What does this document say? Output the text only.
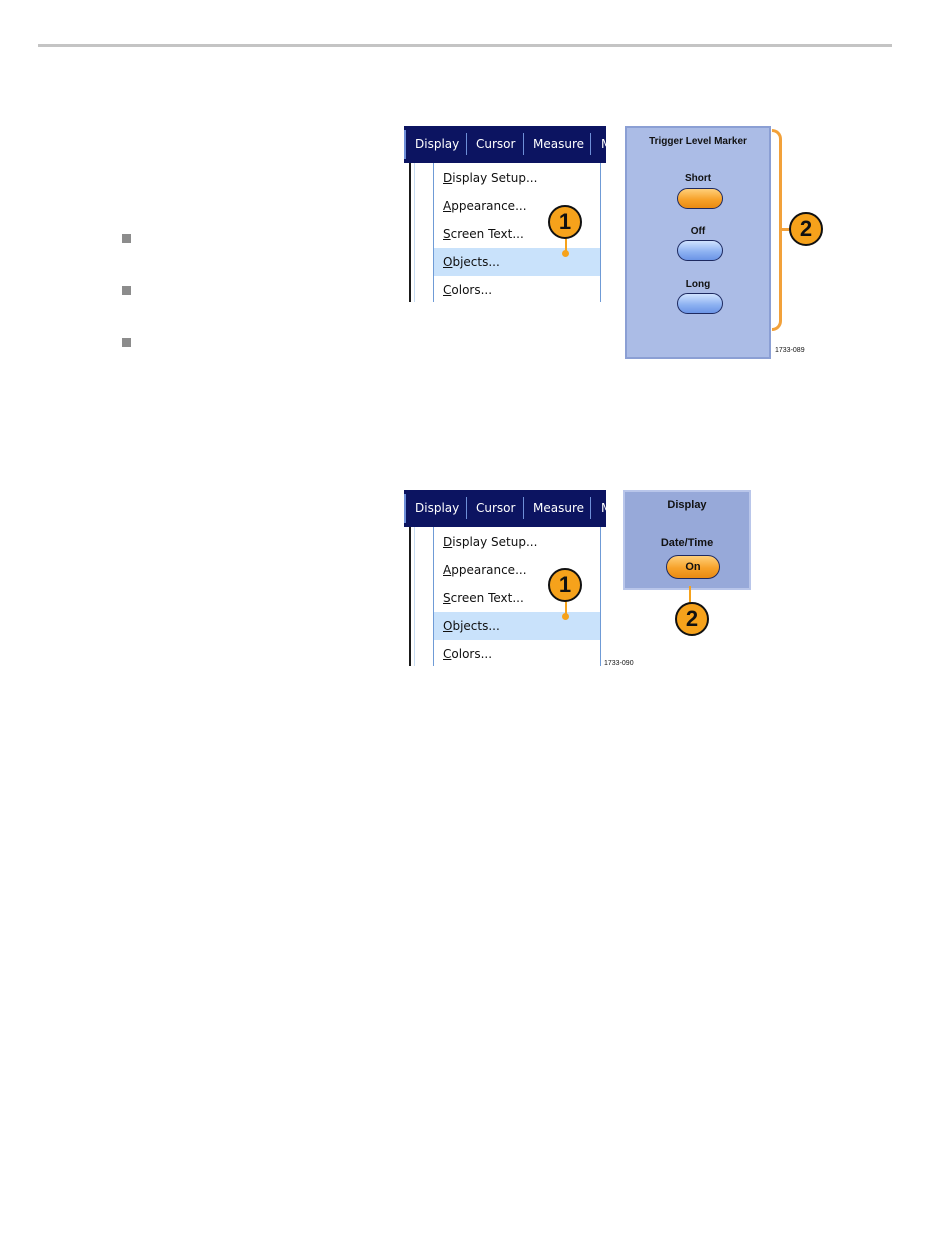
Display Cursor Measure M
Display Setup...
Appearance...
Screen Text...
Objects...
Colors...
1
Trigger Level Marker
Short
Off
Long
2
1733-089
Display Cursor Measure M
Display Setup...
Appearance...
Screen Text...
Objects...
Colors...
1
1733-090
Display
Date/Time
On
2
